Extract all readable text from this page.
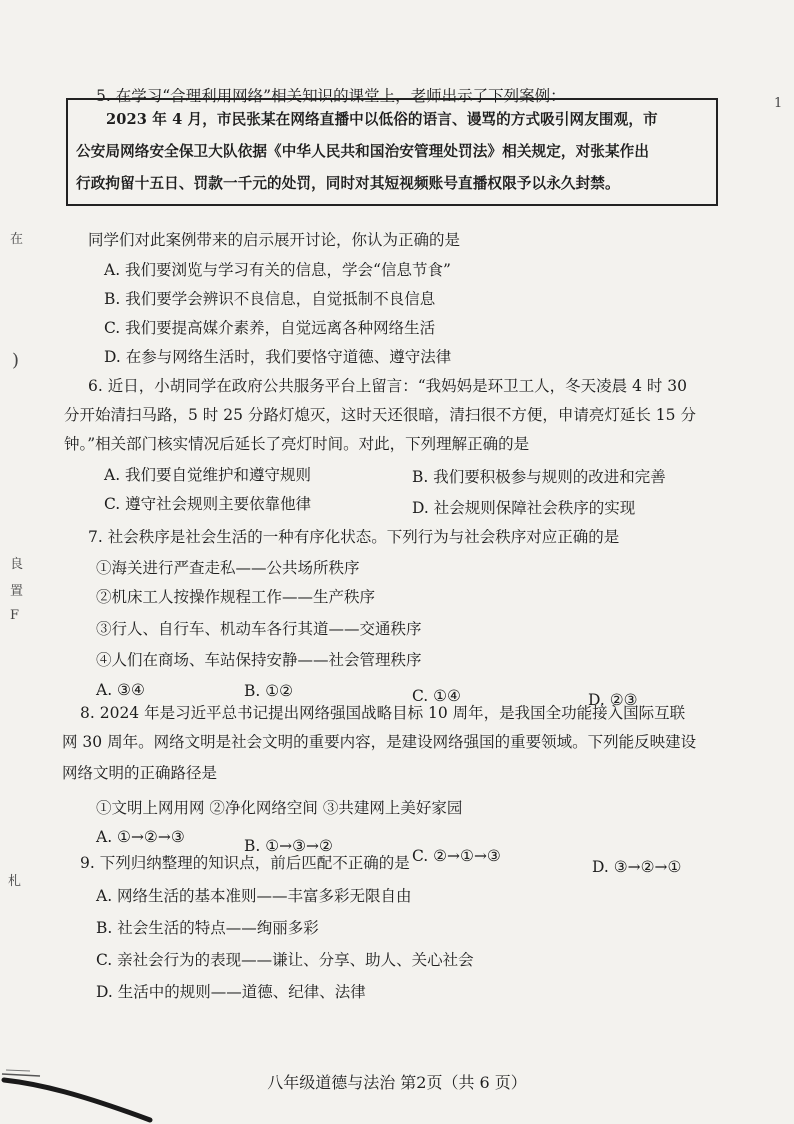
5. 在学习“合理利用网络”相关知识的课堂上，老师出示了下列案例：
2023 年 4 月，市民张某在网络直播中以低俗的语言、谩骂的方式吸引网友围观，市
公安局网络安全保卫大队依据《中华人民共和国治安管理处罚法》相关规定，对张某作出
行政拘留十五日、罚款一千元的处罚，同时对其短视频账号直播权限予以永久封禁。
同学们对此案例带来的启示展开讨论，你认为正确的是
A. 我们要浏览与学习有关的信息，学会“信息节食”
B. 我们要学会辨识不良信息，自觉抵制不良信息
C. 我们要提高媒介素养，自觉远离各种网络生活
D. 在参与网络生活时，我们要恪守道德、遵守法律
6. 近日，小胡同学在政府公共服务平台上留言：“我妈妈是环卫工人，冬天凌晨 4 时 30
分开始清扫马路，5 时 25 分路灯熄灭，这时天还很暗，清扫很不方便，申请亮灯延长 15 分
钟。”相关部门核实情况后延长了亮灯时间。对此，下列理解正确的是
A. 我们要自觉维护和遵守规则	B. 我们要积极参与规则的改进和完善
C. 遵守社会规则主要依靠他律	D. 社会规则保障社会秩序的实现
7. 社会秩序是社会生活的一种有序化状态。下列行为与社会秩序对应正确的是
①海关进行严查走私——公共场所秩序
②机床工人按操作规程工作——生产秩序
③行人、自行车、机动车各行其道——交通秩序
④人们在商场、车站保持安静——社会管理秩序
A. ③④	B. ①②	C. ①④	D. ②③
8. 2024 年是习近平总书记提出网络强国战略目标 10 周年，是我国全功能接入国际互联
网 30 周年。网络文明是社会文明的重要内容，是建设网络强国的重要领域。下列能反映建设
网络文明的正确路径是
①文明上网用网 ②净化网络空间 ③共建网上美好家园
A. ①→②→③	B. ①→③→②
C. ②→①→③
D. ③→②→①
9. 下列归纳整理的知识点，前后匹配不正确的是
A. 网络生活的基本准则——丰富多彩无限自由
B. 社会生活的特点——绚丽多彩
C. 亲社会行为的表现——谦让、分享、助人、关心社会
D. 生活中的规则——道德、纪律、法律
在
)
良
置
F
札
1
八年级道德与法治 第2页（共 6 页）
